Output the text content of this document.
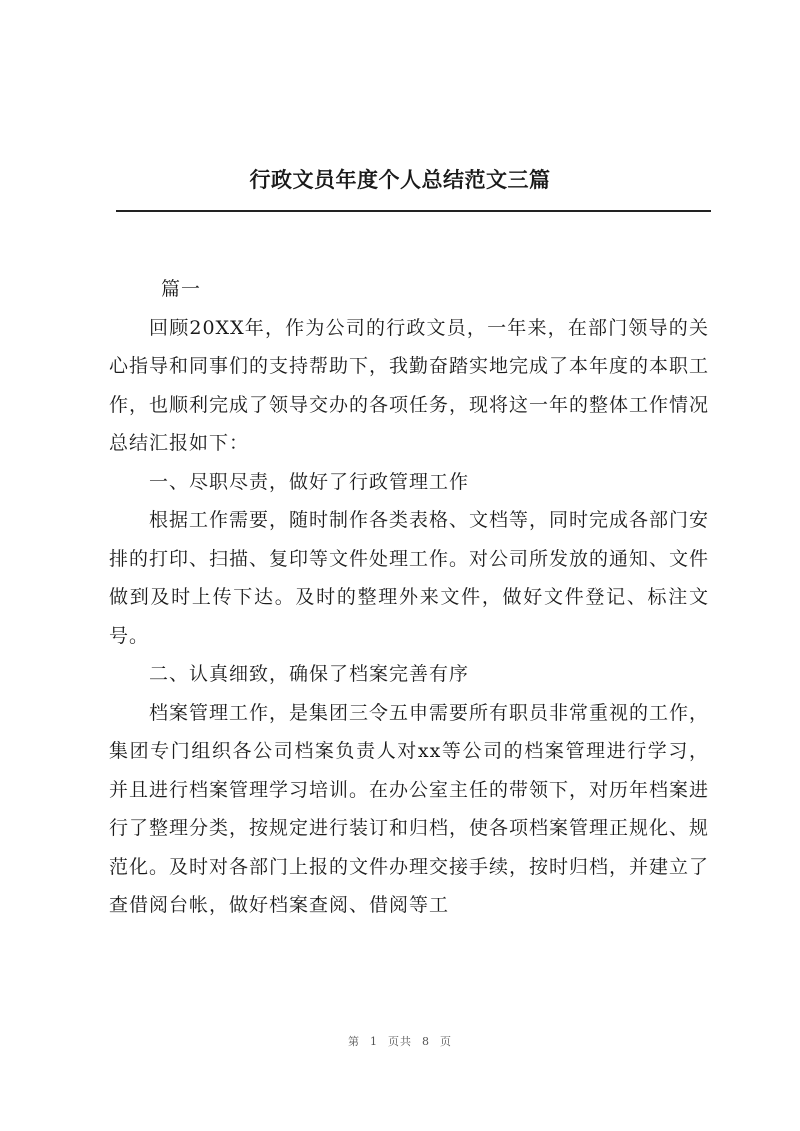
行政文员年度个人总结范文三篇

篇一

回顾20XX年，作为公司的行政文员，一年来，在部门领导的关心指导和同事们的支持帮助下，我勤奋踏实地完成了本年度的本职工作，也顺利完成了领导交办的各项任务，现将这一年的整体工作情况总结汇报如下：

一、尽职尽责，做好了行政管理工作

根据工作需要，随时制作各类表格、文档等，同时完成各部门安排的打印、扫描、复印等文件处理工作。对公司所发放的通知、文件做到及时上传下达。及时的整理外来文件，做好文件登记、标注文号。

二、认真细致，确保了档案完善有序

档案管理工作，是集团三令五申需要所有职员非常重视的工作，集团专门组织各公司档案负责人对xx等公司的档案管理进行学习，并且进行档案管理学习培训。在办公室主任的带领下，对历年档案进行了整理分类，按规定进行装订和归档，使各项档案管理正规化、规范化。及时对各部门上报的文件办理交接手续，按时归档，并建立了查借阅台帐，做好档案查阅、借阅等工

第 1 页共 8 页
